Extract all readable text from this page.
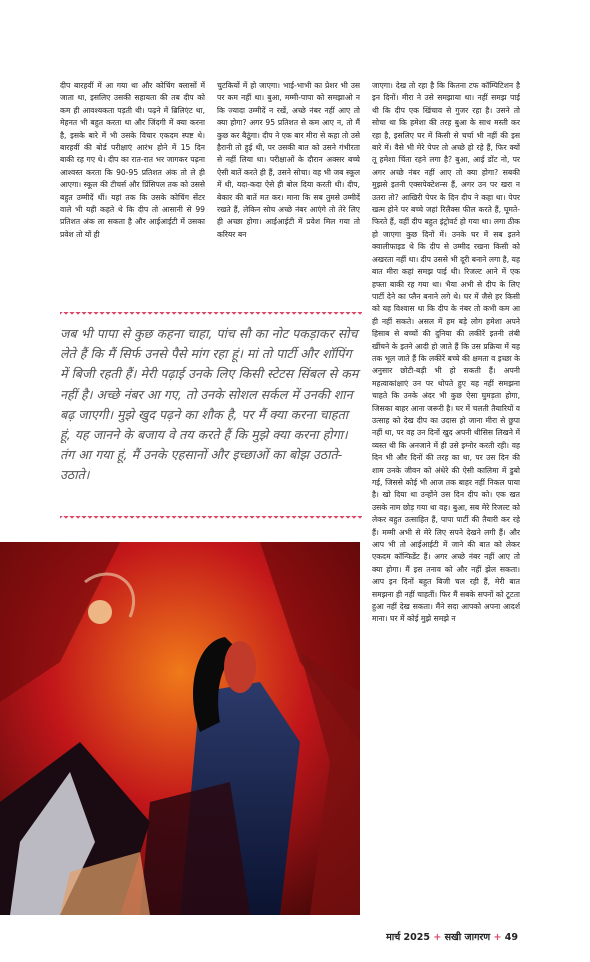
दीप बारहवीं में आ गया था और कोचिंग क्लासों में जाता था, इसलिए उसकी सहायता की तब दीप को कम ही आवश्यकता पड़ती थी। पढ़ने में ब्रिलिएंट था, मेहनत भी बहुत करता था और जिंदगी में क्या करना है, इसके बारे में भी उसके विचार एकदम स्पष्ट थे। बारहवीं की बोर्ड परीक्षाएं आरंभ होने में 15 दिन बाकी रह गए थे। दीप का रात-रात भर जागकर पढ़ना आश्वस्त करता कि 90-95 प्रतिशत अंक तो ले ही आएगा। स्कूल की टीचर्स और प्रिंसिपल तक को उससे बहुत उम्मीदें थीं। यहां तक कि उसके कोचिंग सेंटर वाले भी यही कहते थे कि दीप तो आसानी से 99 प्रतिशत अंक ला सकता है और आईआईटी में उसका प्रवेश तो यों ही

चुटकियों में हो जाएगा। भाई-भाभी का प्रेशर भी उस पर कम नहीं था। बुआ, मम्मी-पापा को समझाओ न कि ज्यादा उम्मीदें न रखें, अच्छे नंबर नहीं आए तो क्या होगा? अगर 95 प्रतिशत से कम आए न, तो मैं कुछ कर बैठूंगा। दीप ने एक बार मीरा से कहा तो उसे हैरानी तो हुई थी, पर उसकी बात को उसने गंभीरता से नहीं लिया था। परीक्षाओं के दौरान अक्सर बच्चे ऐसी बातें करते ही हैं, उसने सोचा। वह भी जब स्कूल में थी, यदा-कदा ऐसे ही बोल दिया करती थी। दीप, बेकार की बातें मत कर। माना कि सब तुमसे उम्मीदें रखते हैं, लेकिन सोच अच्छे नंबर आएंगे तो तेरे लिए ही अच्छा होगा। आईआईटी में प्रवेश मिल गया तो करियर बन

जाएगा। देख तो रहा है कि कितना टफ कॉम्पिटिशन है इन दिनों। मीरा ने उसे समझाया था। नहीं समझ पाई थी कि दीप एक खिंचाव से गुजर रहा है। उसने तो सोचा था कि हमेशा की तरह बुआ के साथ मस्ती कर रहा है, इसलिए घर में किसी से चर्चा भी नहीं की इस बारे में। वैसे भी मेरे पेपर तो अच्छे हो रहे हैं, फिर क्यों तू हमेशा चिंता रहने लगा है? बुआ, आई डोंट नो, पर अगर अच्छे नंबर नहीं आए तो क्या होगा? सबकी मुझसे इतनी एक्सपेक्टेशन्स हैं, अगर उन पर खरा न उतरा तो? आखिरी पेपर के दिन दीप ने कहा था। पेपर खत्म होने पर बच्चे जहां रिलैक्स फील करते हैं, घूमते-फिरते हैं, वहीं दीप बहुत इंट्रोवर्ट हो गया था। लगा ठीक हो जाएगा कुछ दिनों में। उनके घर में सब इतने क्वालीफाइड थे कि दीप से उम्मीद रखना किसी को अखरता नहीं था। दीप उससे भी दूरी बनाने लगा है, यह बात मीरा कहां समझ पाई थी। रिजल्ट आने में एक हफ्ता बाकी रह गया था। भैया अभी से दीप के लिए पार्टी देने का प्लैन बनाने लगे थे। घर में जैसे हर किसी को यह विश्वास था कि दीप के नंबर तो कभी कम आ ही नहीं सकते। असल में हम बड़े लोग हमेशा अपने हिसाब से बच्चों की दुनिया की लकीरें इतनी लंबी खींचने के इतने आदी हो जाते हैं कि उस प्रक्रिया में यह तक भूल जाते हैं कि लकीरें बच्चे की क्षमता व इच्छा के अनुसार छोटी-बड़ी भी हो सकती हैं। अपनी महत्वाकांक्षाएं उन पर थोपते हुए यह नहीं समझना चाहते कि उनके अंदर भी कुछ ऐसा घुमड़ता होगा, जिसका बाहर आना जरूरी है। घर में चलती तैयारियों व उत्साह को देख दीप का उदास हो जाना मीरा से छुपा नहीं था, पर वह उन दिनों खुद अपनी थीसिस लिखने में व्यस्त थी कि अनजाने में ही उसे इग्नोर करती रही। वह दिन भी और दिनों की तरह का था, पर उस दिन की शाम उनके जीवन को अंधेरे की ऐसी कालिमा में डुबो गई, जिससे कोई भी आज तक बाहर नहीं निकल पाया है। खो दिया था उन्होंने उस दिन दीप को। एक खत उसके नाम छोड़ गया था वह। बुआ, सब मेरे रिजल्ट को लेकर बहुत उत्साहित हैं, पापा पार्टी की तैयारी कर रहे हैं। मम्मी अभी से मेरे लिए सपने देखने लगी हैं। और आप भी तो आईआईटी में जाने की बात को लेकर एकदम कॉन्फिडेंट हैं। अगर अच्छे नंबर नहीं आए तो क्या होगा। मैं इस तनाव को और नहीं झेल सकता। आप इन दिनों बहुत बिजी चल रही हैं, मेरी बात समझना ही नहीं चाहतीं। फिर मैं सबके सपनों को टूटता हुआ नहीं देख सकता। मैंने सदा आपको अपना आदर्श माना। घर में कोई मुझे समझे न

जब भी पापा से कुछ कहना चाहा, पांच सौ का नोट पकड़ाकर सोच लेते हैं कि मैं सिर्फ उनसे पैसे मांग रहा हूं। मां तो पार्टी और शॉपिंग में बिजी रहती हैं। मेरी पढ़ाई उनके लिए किसी स्टेटस सिंबल से कम नहीं है। अच्छे नंबर आ गए, तो उनके सोशल सर्कल में उनकी शान बढ़ जाएगी। मुझे खुद पढ़ने का शौक है, पर मैं क्या करना चाहता हूं, यह जानने के बजाय वे तय करते हैं कि मुझे क्या करना होगा। तंग आ गया हूं, मैं उनके एहसानों और इच्छाओं का बोझ उठाते-उठाते।
मार्च 2025 + सखी जागरण + 49
